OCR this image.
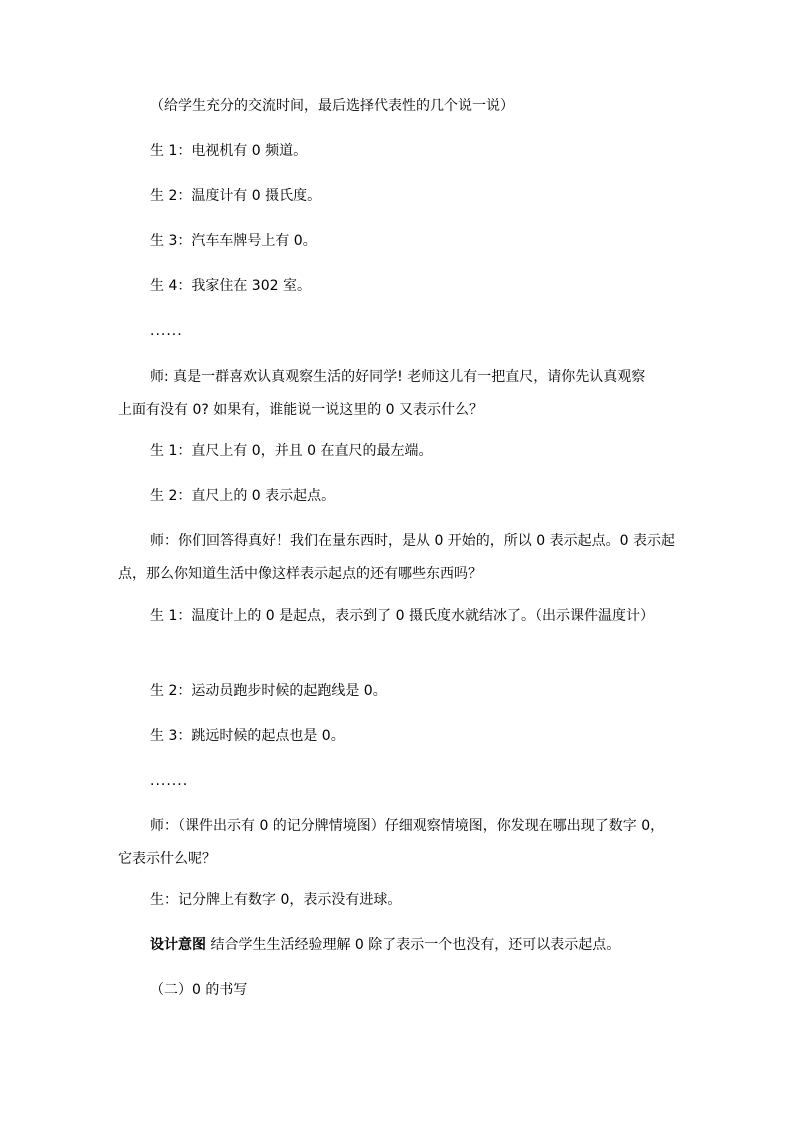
（给学生充分的交流时间，最后选择代表性的几个说一说）
生 1：电视机有 0 频道。
生 2：温度计有 0 摄氏度。
生 3：汽车车牌号上有 0。
生 4：我家住在 302 室。
......
师: 真是一群喜欢认真观察生活的好同学! 老师这儿有一把直尺，请你先认真观察上面有没有 0? 如果有，谁能说一说这里的 0 又表示什么？
生 1：直尺上有 0，并且 0 在直尺的最左端。
生 2：直尺上的 0 表示起点。
师：你们回答得真好！我们在量东西时，是从 0 开始的，所以 0 表示起点。0 表示起点，那么你知道生活中像这样表示起点的还有哪些东西吗？
生 1：温度计上的 0 是起点，表示到了 0 摄氏度水就结冰了。（出示课件温度计）
生 2：运动员跑步时候的起跑线是 0。
生 3：跳远时候的起点也是 0。
.......
师：（课件出示有 0 的记分牌情境图）仔细观察情境图，你发现在哪出现了数字 0，它表示什么呢？
生：记分牌上有数字 0，表示没有进球。
设计意图 结合学生生活经验理解 0 除了表示一个也没有，还可以表示起点。
（二）0 的书写
